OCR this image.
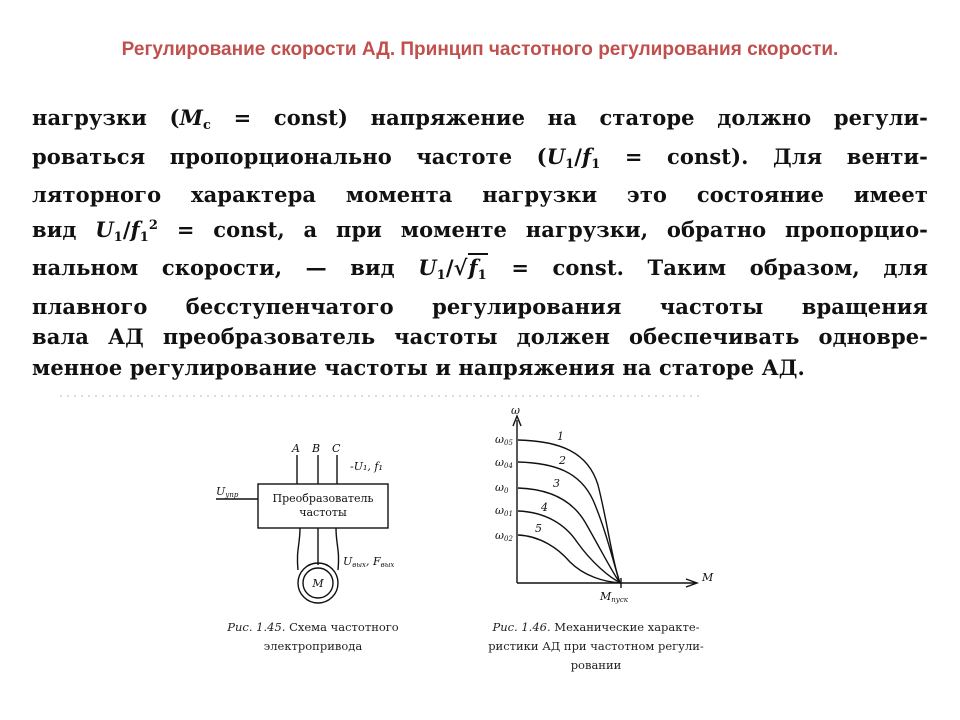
Регулирование скорости АД. Принцип частотного регулирования скорости.
нагрузки ($M_c$ = const) напряжение на статоре должно регули-
роваться пропорционально частоте ($U_1/f_1$ = const). Для венти-
ляторного характера момента нагрузки это состояние имеет
вид $U_1/f_1^2$ = const, а при моменте нагрузки, обратно пропорцио-
нальном скорости, — вид $U_1/√f_1$ = const. Таким образом, для
плавного бесступенчатого регулирования частоты вращения
вала АД преобразователь частоты должен обеспечивать одновре-
менное регулирование частоты и напряжения на статоре АД.
A B C
-U₁, f₁
Uупр	Преобразователь
частоты
Uвых, Fвых
M
ω
M
Mпуск
ω05
ω04
ω0
ω01
ω02
1
2
3
4
5
Рис. 1.45. Схема частотного
электропривода
Рис. 1.46. Механические характе-
ристики АД при частотном регули-
ровании
